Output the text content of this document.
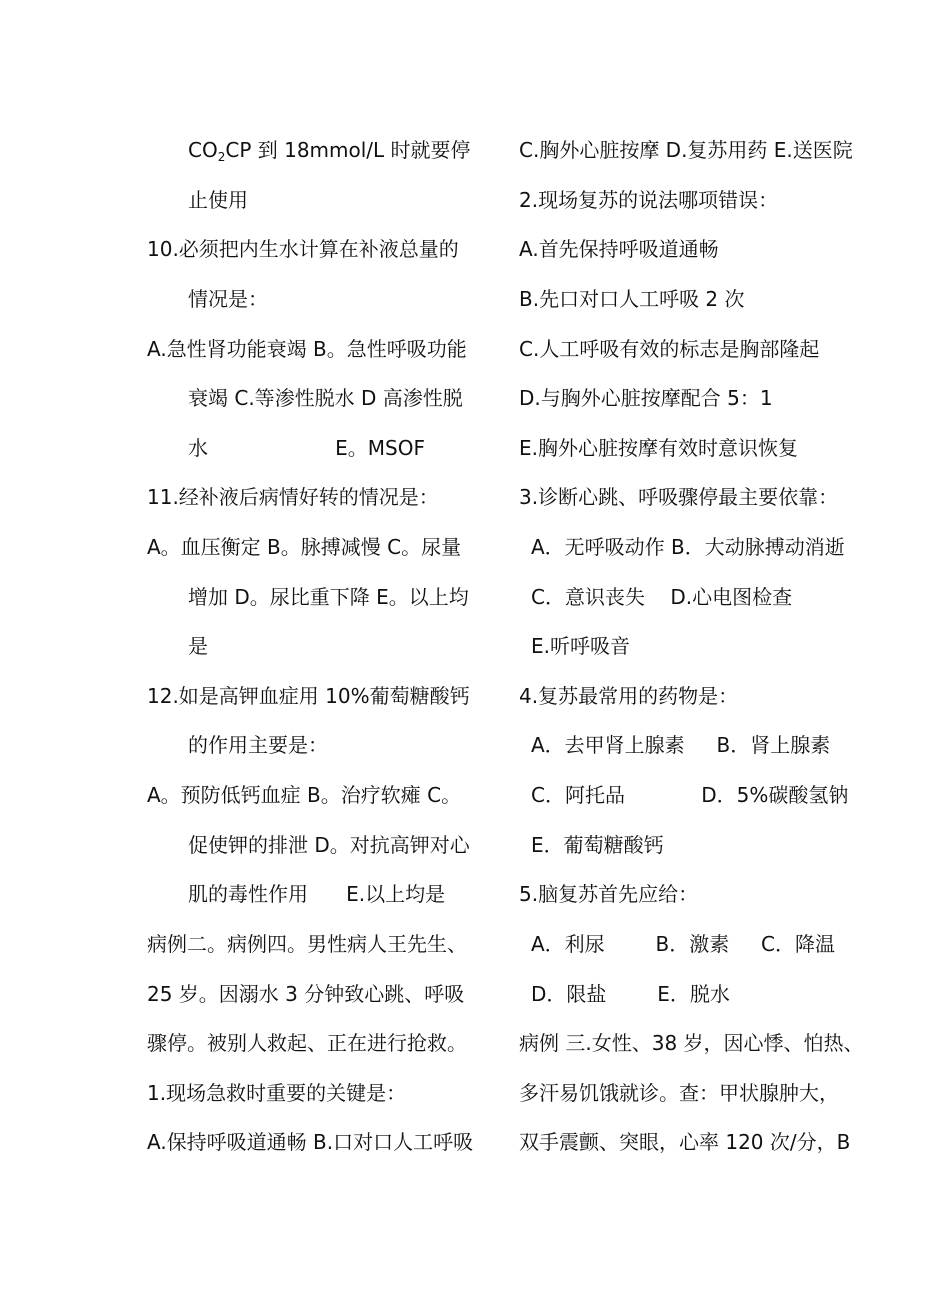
$CO_2CP$ 到 18mmol/L 时就要停
止使用
10.必须把内生水计算在补液总量的
情况是：
A.急性肾功能衰竭 B。急性呼吸功能
衰竭 C.等渗性脱水 D 高渗性脱
水                    E。MSOF
11.经补液后病情好转的情况是：
A。血压衡定 B。脉搏减慢 C。尿量
增加 D。尿比重下降 E。以上均
是
12.如是高钾血症用 10%葡萄糖酸钙
的作用主要是：
A。预防低钙血症 B。治疗软瘫 C。
促使钾的排泄 D。对抗高钾对心
肌的毒性作用      E.以上均是
病例二。病例四。男性病人王先生、
25 岁。因溺水 3 分钟致心跳、呼吸
骤停。被别人救起、正在进行抢救。
1.现场急救时重要的关键是：
A.保持呼吸道通畅 B.口对口人工呼吸
C.胸外心脏按摩 D.复苏用药 E.送医院
2.现场复苏的说法哪项错误：
A.首先保持呼吸道通畅
B.先口对口人工呼吸 2 次
C.人工呼吸有效的标志是胸部隆起
D.与胸外心脏按摩配合 5：1
E.胸外心脏按摩有效时意识恢复
3.诊断心跳、呼吸骤停最主要依靠：
A．无呼吸动作 B．大动脉搏动消逝
C．意识丧失    D.心电图检查
E.听呼吸音
4.复苏最常用的药物是：
A．去甲肾上腺素     B．肾上腺素
C．阿托品            D．5%碳酸氢钠
E．葡萄糖酸钙
5.脑复苏首先应给：
A．利尿        B．激素     C．降温
D．限盐        E．脱水
病例 三.女性、38 岁，因心悸、怕热、
多汗易饥饿就诊。查：甲状腺肿大，
双手震颤、突眼，心率 120 次/分，B
